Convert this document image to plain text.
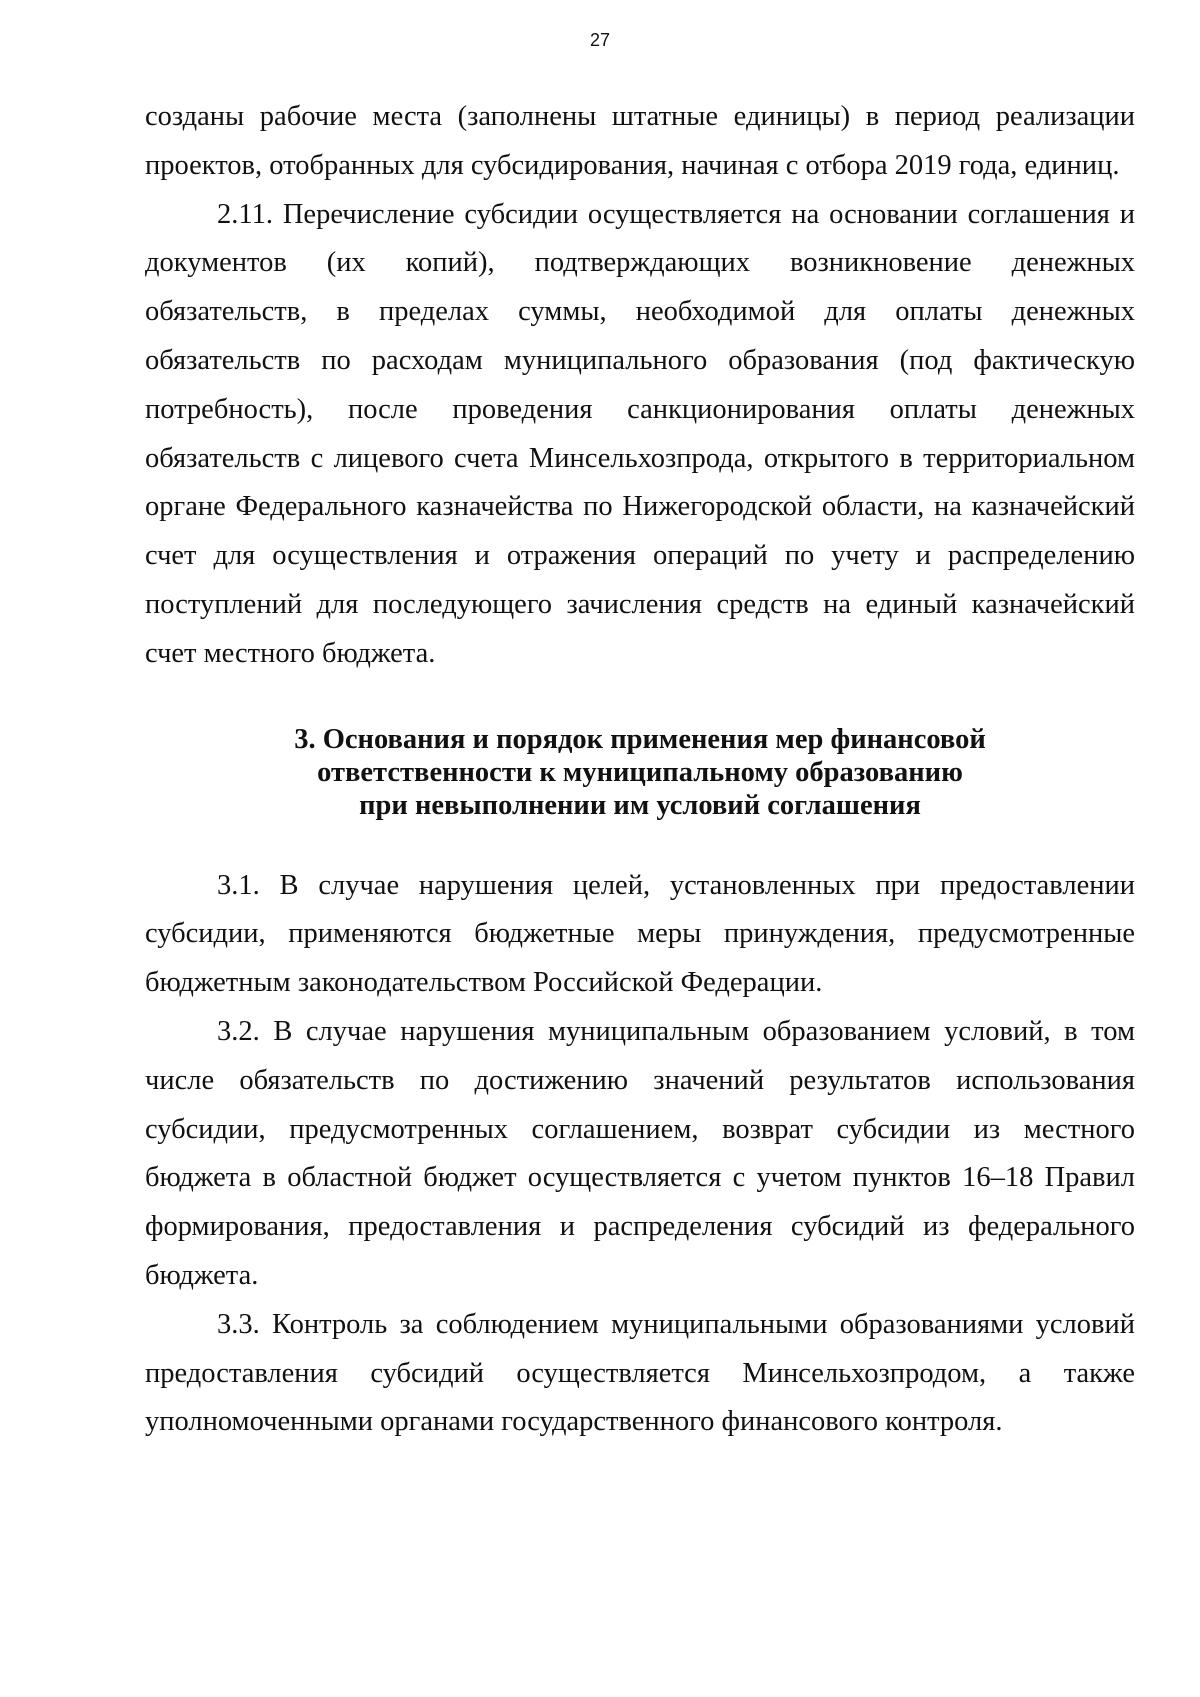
27

созданы рабочие места (заполнены штатные единицы) в период реализации проектов, отобранных для субсидирования, начиная с отбора 2019 года, единиц.

2.11. Перечисление субсидии осуществляется на основании соглашения и документов (их копий), подтверждающих возникновение денежных обязательств, в пределах суммы, необходимой для оплаты денежных обязательств по расходам муниципального образования (под фактическую потребность), после проведения санкционирования оплаты денежных обязательств с лицевого счета Минсельхозпрода, открытого в территориальном органе Федерального казначейства по Нижегородской области, на казначейский счет для осуществления и отражения операций по учету и распределению поступлений для последующего зачисления средств на единый казначейский счет местного бюджета.

3. Основания и порядок применения мер финансовой
ответственности к муниципальному образованию
при невыполнении им условий соглашения

3.1. В случае нарушения целей, установленных при предоставлении субсидии, применяются бюджетные меры принуждения, предусмотренные бюджетным законодательством Российской Федерации.

3.2. В случае нарушения муниципальным образованием условий, в том числе обязательств по достижению значений результатов использования субсидии, предусмотренных соглашением, возврат субсидии из местного бюджета в областной бюджет осуществляется с учетом пунктов 16–18 Правил формирования, предоставления и распределения субсидий из федерального бюджета.

3.3. Контроль за соблюдением муниципальными образованиями условий предоставления субсидий осуществляется Минсельхозпродом, а также уполномоченными органами государственного финансового контроля.
